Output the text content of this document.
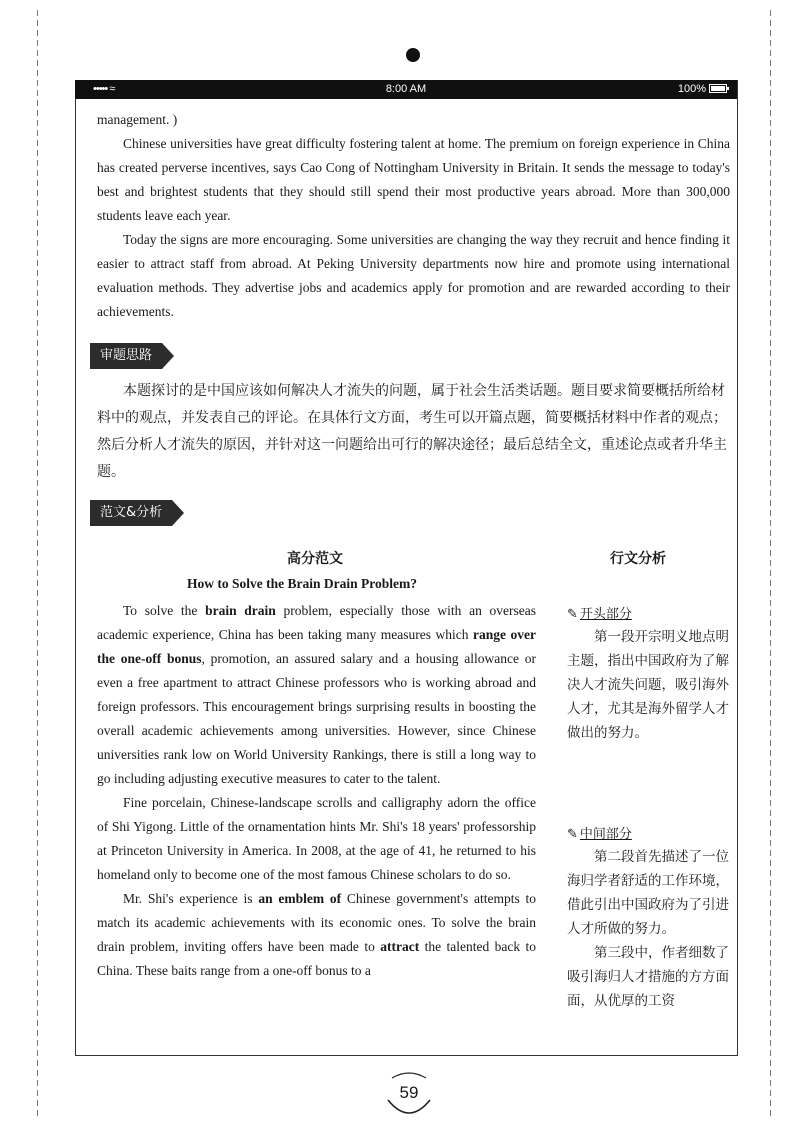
••••• ≈	8:00 AM	100%

management. )

Chinese universities have great difficulty fostering talent at home. The premium on foreign experience in China has created perverse incentives, says Cao Cong of Nottingham University in Britain. It sends the message to today's best and brightest students that they should still spend their most productive years abroad. More than 300,000 students leave each year.

Today the signs are more encouraging. Some universities are changing the way they recruit and hence finding it easier to attract staff from abroad. At Peking University departments now hire and promote using international evaluation methods. They advertise jobs and academics apply for promotion and are rewarded according to their achievements.

审题思路

本题探讨的是中国应该如何解决人才流失的问题，属于社会生活类话题。题目要求简要概括所给材料中的观点，并发表自己的评论。在具体行文方面，考生可以开篇点题，简要概括材料中作者的观点；然后分析人才流失的原因，并针对这一问题给出可行的解决途径；最后总结全文，重述论点或者升华主题。

范文&分析
高分范文	行文分析
How to Solve the Brain Drain Problem?

To solve the brain drain problem, especially those with an overseas academic experience, China has been taking many measures which range over the one-off bonus, promotion, an assured salary and a housing allowance or even a free apartment to attract Chinese professors who is working abroad and foreign professors. This encouragement brings surprising results in boosting the overall academic achievements among universities. However, since Chinese universities rank low on World University Rankings, there is still a long way to go including adjusting executive measures to cater to the talent.

Fine porcelain, Chinese-landscape scrolls and calligraphy adorn the office of Shi Yigong. Little of the ornamentation hints Mr. Shi's 18 years' professorship at Princeton University in America. In 2008, at the age of 41, he returned to his homeland only to become one of the most famous Chinese scholars to do so.

Mr. Shi's experience is an emblem of Chinese government's attempts to match its academic achievements with its economic ones. To solve the brain drain problem, inviting offers have been made to attract the talented back to China. These baits range from a one-off bonus to a

✎ 开头部分

第一段开宗明义地点明主题，指出中国政府为了解决人才流失问题，吸引海外人才，尤其是海外留学人才做出的努力。

✎ 中间部分

第二段首先描述了一位海归学者舒适的工作环境，借此引出中国政府为了引进人才所做的努力。

第三段中，作者细数了吸引海归人才措施的方方面面，从优厚的工资

59
